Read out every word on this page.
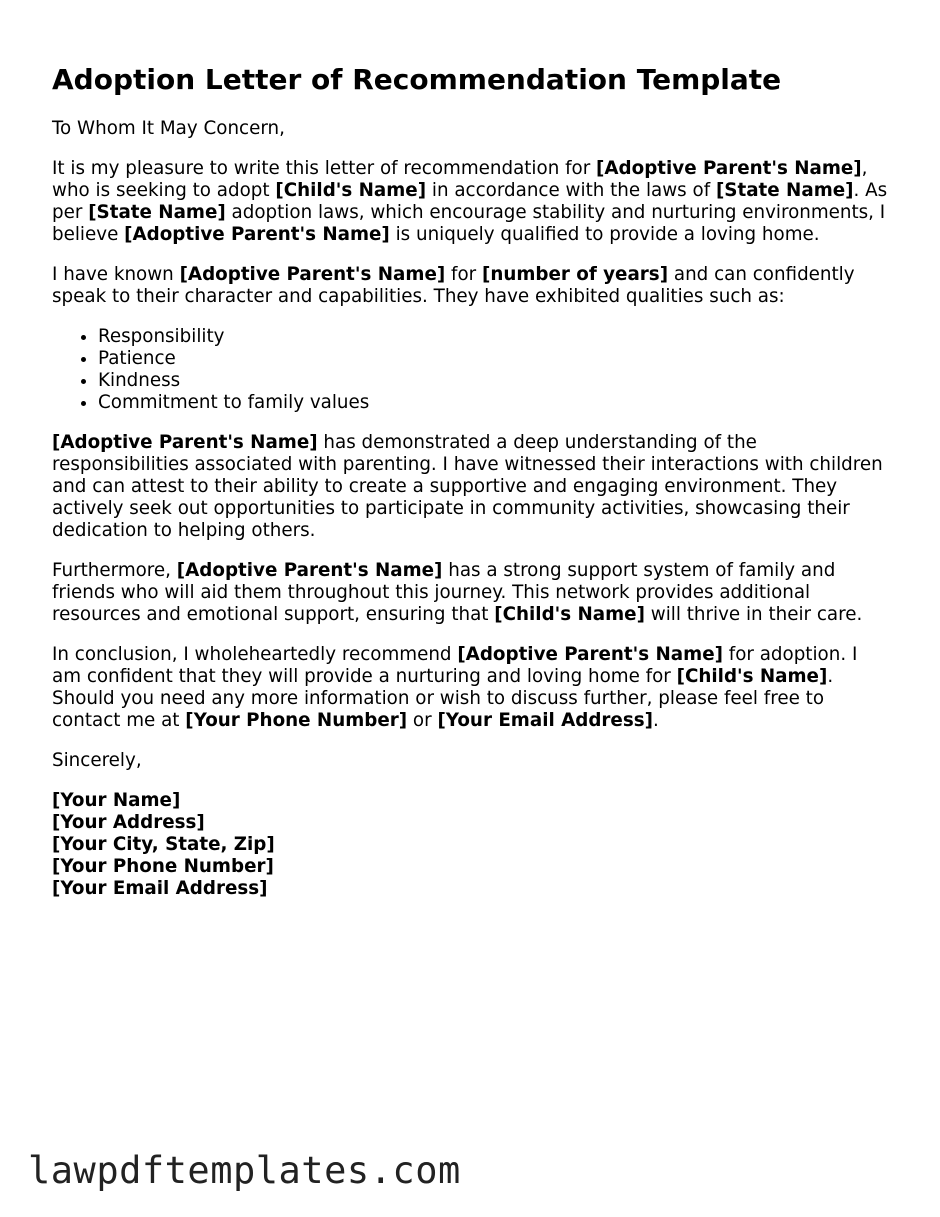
Adoption Letter of Recommendation Template

To Whom It May Concern,

It is my pleasure to write this letter of recommendation for [Adoptive Parent's Name], who is seeking to adopt [Child's Name] in accordance with the laws of [State Name]. As per [State Name] adoption laws, which encourage stability and nurturing environments, I believe [Adoptive Parent's Name] is uniquely qualified to provide a loving home.

I have known [Adoptive Parent's Name] for [number of years] and can confidently speak to their character and capabilities. They have exhibited qualities such as:

• Responsibility
• Patience
• Kindness
• Commitment to family values

[Adoptive Parent's Name] has demonstrated a deep understanding of the responsibilities associated with parenting. I have witnessed their interactions with children and can attest to their ability to create a supportive and engaging environment. They actively seek out opportunities to participate in community activities, showcasing their dedication to helping others.

Furthermore, [Adoptive Parent's Name] has a strong support system of family and friends who will aid them throughout this journey. This network provides additional resources and emotional support, ensuring that [Child's Name] will thrive in their care.

In conclusion, I wholeheartedly recommend [Adoptive Parent's Name] for adoption. I am confident that they will provide a nurturing and loving home for [Child's Name]. Should you need any more information or wish to discuss further, please feel free to contact me at [Your Phone Number] or [Your Email Address].

Sincerely,

[Your Name]
[Your Address]
[Your City, State, Zip]
[Your Phone Number]
[Your Email Address]
lawpdftemplates.com
